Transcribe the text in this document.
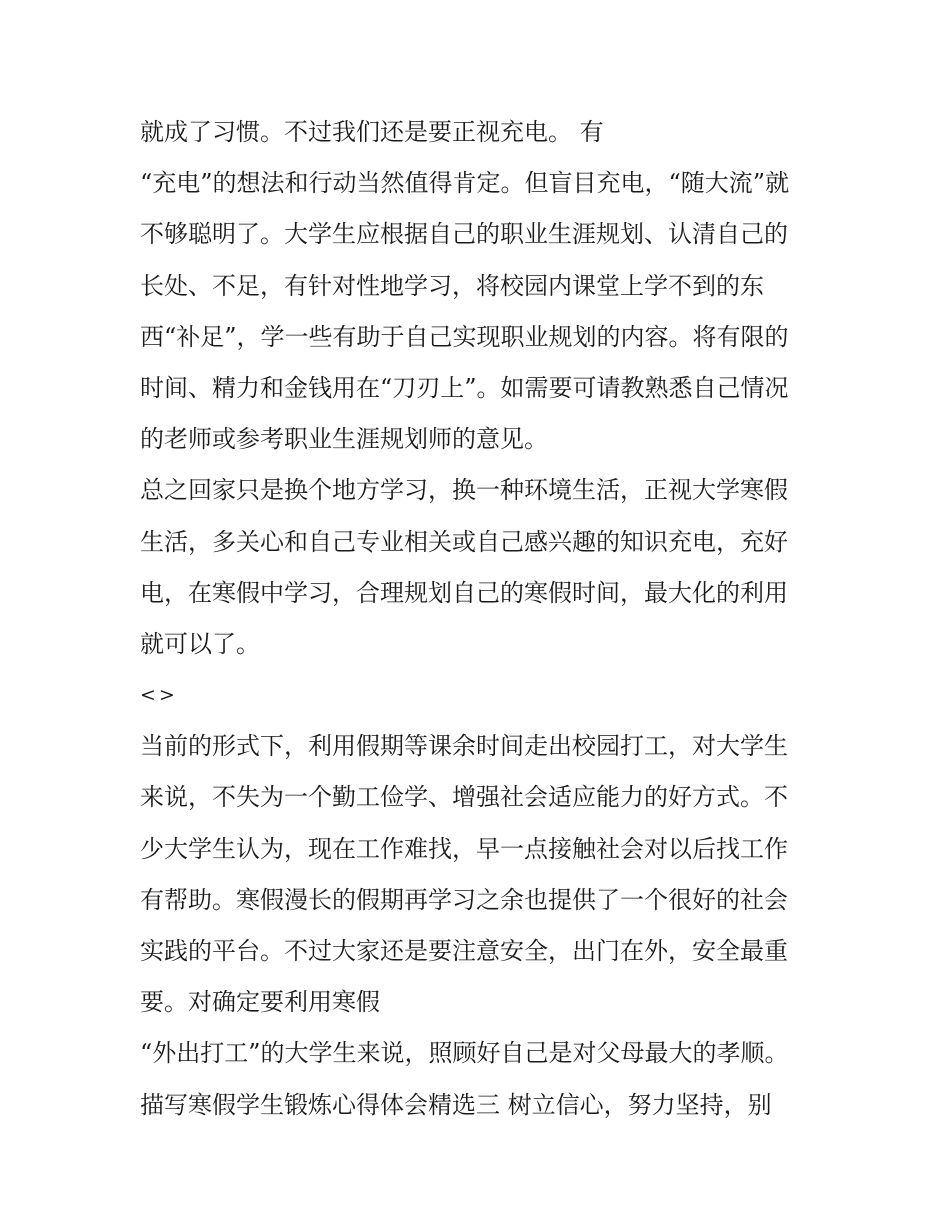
就成了习惯。不过我们还是要正视充电。 有
“充电”的想法和行动当然值得肯定。但盲目充电，“随大流”就
不够聪明了。大学生应根据自己的职业生涯规划、认清自己的
长处、不足，有针对性地学习，将校园内课堂上学不到的东
西“补足”，学一些有助于自己实现职业规划的内容。将有限的
时间、精力和金钱用在“刀刃上”。如需要可请教熟悉自己情况
的老师或参考职业生涯规划师的意见。
总之回家只是换个地方学习，换一种环境生活，正视大学寒假
生活，多关心和自己专业相关或自己感兴趣的知识充电，充好
电，在寒假中学习，合理规划自己的寒假时间，最大化的利用
就可以了。
<>
当前的形式下，利用假期等课余时间走出校园打工，对大学生
来说，不失为一个勤工俭学、增强社会适应能力的好方式。不
少大学生认为，现在工作难找，早一点接触社会对以后找工作
有帮助。寒假漫长的假期再学习之余也提供了一个很好的社会
实践的平台。不过大家还是要注意安全，出门在外，安全最重
要。对确定要利用寒假
“外出打工”的大学生来说，照顾好自己是对父母最大的孝顺。
描写寒假学生锻炼心得体会精选三 树立信心，努力坚持，别
